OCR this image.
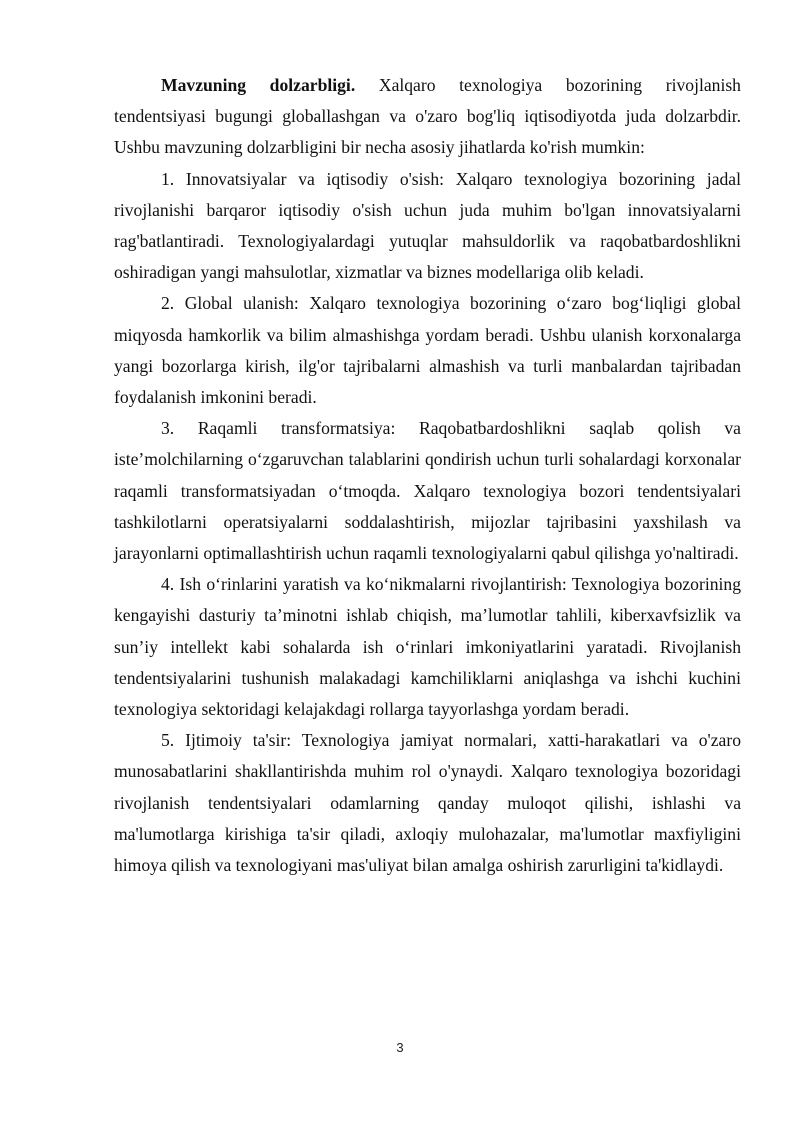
Mavzuning dolzarbligi. Xalqaro texnologiya bozorining rivojlanish tendentsiyasi bugungi globallashgan va o'zaro bog'liq iqtisodiyotda juda dolzarbdir. Ushbu mavzuning dolzarbligini bir necha asosiy jihatlarda ko'rish mumkin:

1. Innovatsiyalar va iqtisodiy o'sish: Xalqaro texnologiya bozorining jadal rivojlanishi barqaror iqtisodiy o'sish uchun juda muhim bo'lgan innovatsiyalarni rag'batlantiradi. Texnologiyalardagi yutuqlar mahsuldorlik va raqobatbardoshlikni oshiradigan yangi mahsulotlar, xizmatlar va biznes modellariga olib keladi.

2. Global ulanish: Xalqaro texnologiya bozorining o‘zaro bog‘liqligi global miqyosda hamkorlik va bilim almashishga yordam beradi. Ushbu ulanish korxonalarga yangi bozorlarga kirish, ilg'or tajribalarni almashish va turli manbalardan tajribadan foydalanish imkonini beradi.

3. Raqamli transformatsiya: Raqobatbardoshlikni saqlab qolish va iste’molchilarning o‘zgaruvchan talablarini qondirish uchun turli sohalardagi korxonalar raqamli transformatsiyadan o‘tmoqda. Xalqaro texnologiya bozori tendentsiyalari tashkilotlarni operatsiyalarni soddalashtirish, mijozlar tajribasini yaxshilash va jarayonlarni optimallashtirish uchun raqamli texnologiyalarni qabul qilishga yo'naltiradi.

4. Ish o‘rinlarini yaratish va ko‘nikmalarni rivojlantirish: Texnologiya bozorining kengayishi dasturiy ta’minotni ishlab chiqish, ma’lumotlar tahlili, kiberxavfsizlik va sun’iy intellekt kabi sohalarda ish o‘rinlari imkoniyatlarini yaratadi. Rivojlanish tendentsiyalarini tushunish malakadagi kamchiliklarni aniqlashga va ishchi kuchini texnologiya sektoridagi kelajakdagi rollarga tayyorlashga yordam beradi.

5. Ijtimoiy ta'sir: Texnologiya jamiyat normalari, xatti-harakatlari va o'zaro munosabatlarini shakllantirishda muhim rol o'ynaydi. Xalqaro texnologiya bozoridagi rivojlanish tendentsiyalari odamlarning qanday muloqot qilishi, ishlashi va ma'lumotlarga kirishiga ta'sir qiladi, axloqiy mulohazalar, ma'lumotlar maxfiyligini himoya qilish va texnologiyani mas'uliyat bilan amalga oshirish zarurligini ta'kidlaydi.

3
